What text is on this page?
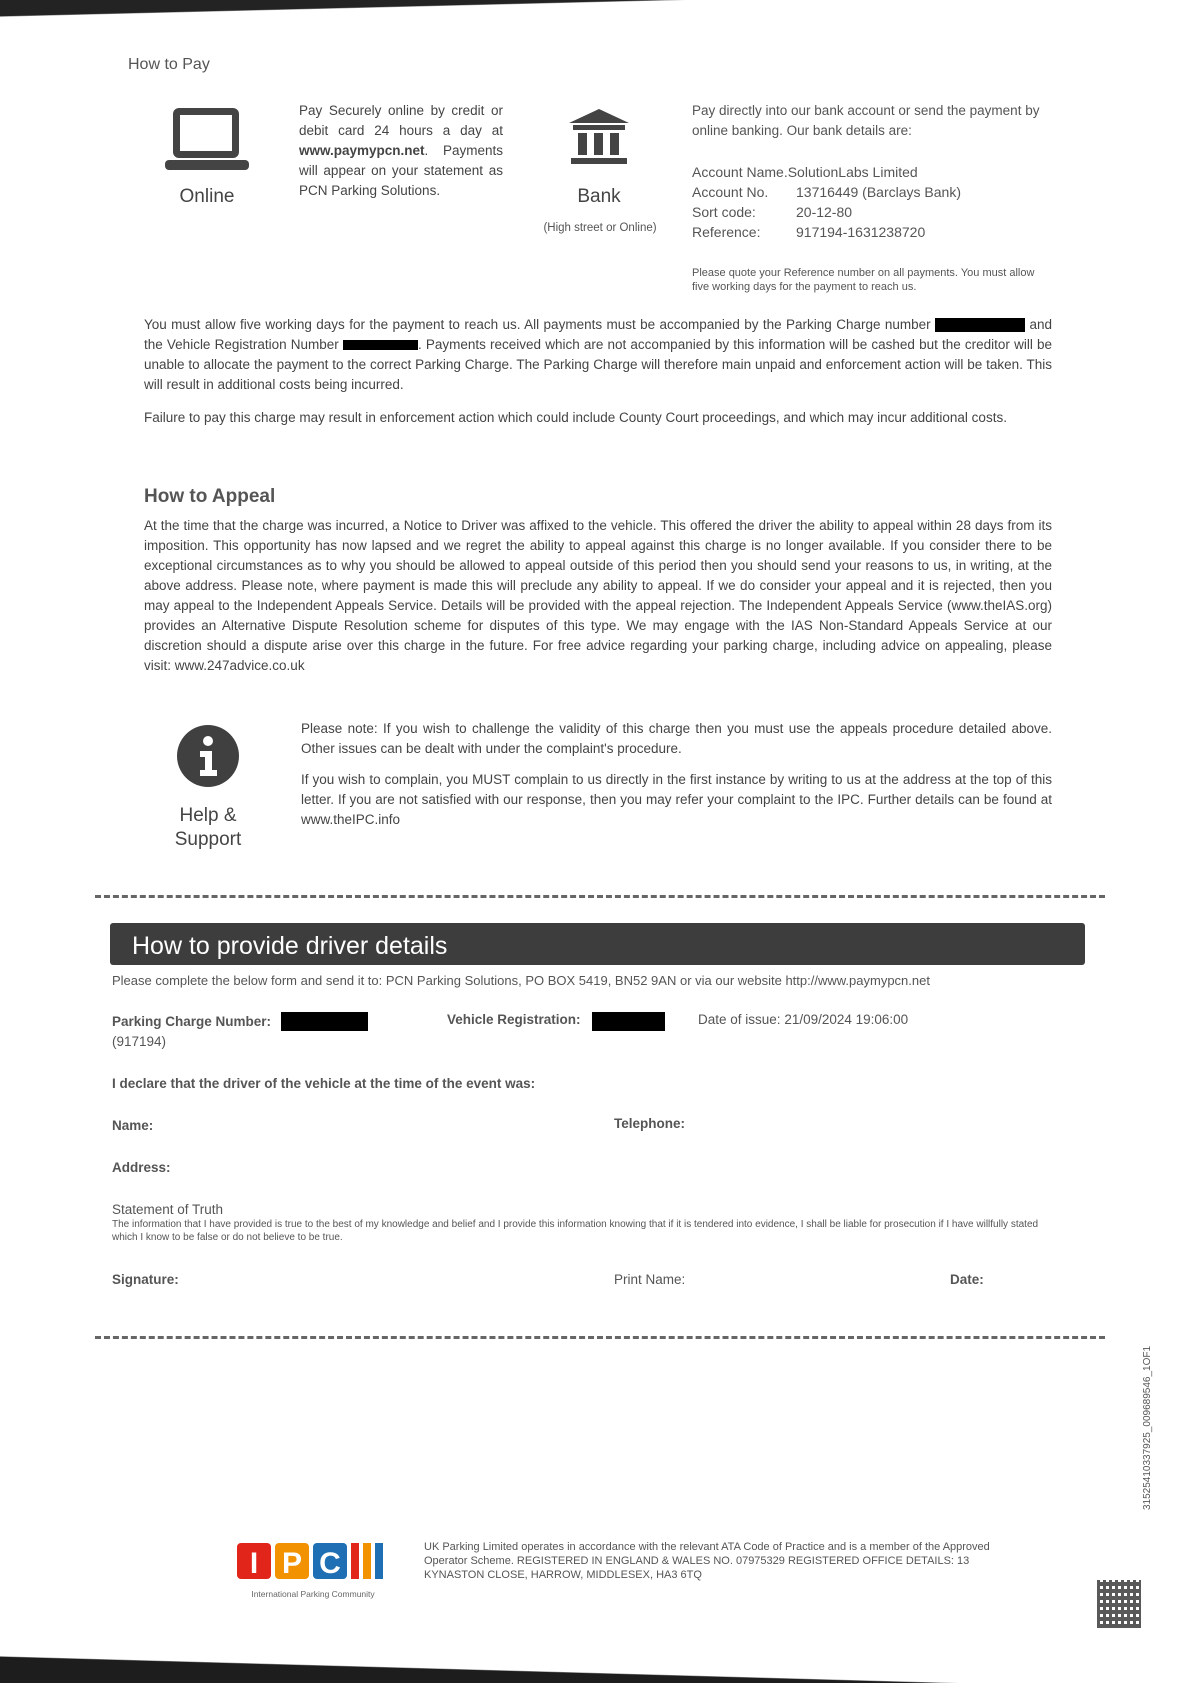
How to Pay
Online
Pay Securely online by credit or debit card 24 hours a day at www.paymypcn.net. Payments will appear on your statement as PCN Parking Solutions.	Bank
(High street or Online)
Pay directly into our bank account or send the payment by online banking. Our bank details are:
Account Name. SolutionLabs Limited
Account No.	13716449 (Barclays Bank)
Sort code:	20-12-80
Reference:	917194-1631238720
Please quote your Reference number on all payments. You must allow five working days for the payment to reach us.
You must allow five working days for the payment to reach us. All payments must be accompanied by the Parking Charge number	and the Vehicle Registration Number	. Payments received which are not accompanied by this information will be cashed but the creditor will be unable to allocate the payment to the correct Parking Charge. The Parking Charge will therefore main unpaid and enforcement action will be taken. This will result in additional costs being incurred.
Failure to pay this charge may result in enforcement action which could include County Court proceedings, and which may incur additional costs.
How to Appeal
At the time that the charge was incurred, a Notice to Driver was affixed to the vehicle. This offered the driver the ability to appeal within 28 days from its imposition. This opportunity has now lapsed and we regret the ability to appeal against this charge is no longer available. If you consider there to be exceptional circumstances as to why you should be allowed to appeal outside of this period then you should send your reasons to us, in writing, at the above address. Please note, where payment is made this will preclude any ability to appeal. If we do consider your appeal and it is rejected, then you may appeal to the Independent Appeals Service. Details will be provided with the appeal rejection. The Independent Appeals Service (www.theIAS.org) provides an Alternative Dispute Resolution scheme for disputes of this type. We may engage with the IAS Non-Standard Appeals Service at our discretion should a dispute arise over this charge in the future. For free advice regarding your parking charge, including advice on appealing, please visit: www.247advice.co.uk
Help &
Support
Please note: If you wish to challenge the validity of this charge then you must use the appeals procedure detailed above. Other issues can be dealt with under the complaint's procedure.
If you wish to complain, you MUST complain to us directly in the first instance by writing to us at the address at the top of this letter. If you are not satisfied with our response, then you may refer your complaint to the IPC. Further details can be found at www.theIPC.info
How to provide driver details
Please complete the below form and send it to: PCN Parking Solutions, PO BOX 5419, BN52 9AN or via our website http://www.paymypcn.net
Parking Charge Number:
(917194)
Vehicle Registration:	Date of issue: 21/09/2024 19:06:00
I declare that the driver of the vehicle at the time of the event was:
Name:	Telephone:
Address:
Statement of Truth
The information that I have provided is true to the best of my knowledge and belief and I provide this information knowing that if it is tendered into evidence, I shall be liable for prosecution if I have willfully stated which I know to be false or do not believe to be true.
Signature:	Print Name:	Date:
I P C
International Parking Community
UK Parking Limited operates in accordance with the relevant ATA Code of Practice and is a member of the Approved Operator Scheme. REGISTERED IN ENGLAND & WALES NO. 07975329 REGISTERED OFFICE DETAILS: 13 KYNASTON CLOSE, HARROW, MIDDLESEX, HA3 6TQ
3152541033792​5_009689546_1OF1
